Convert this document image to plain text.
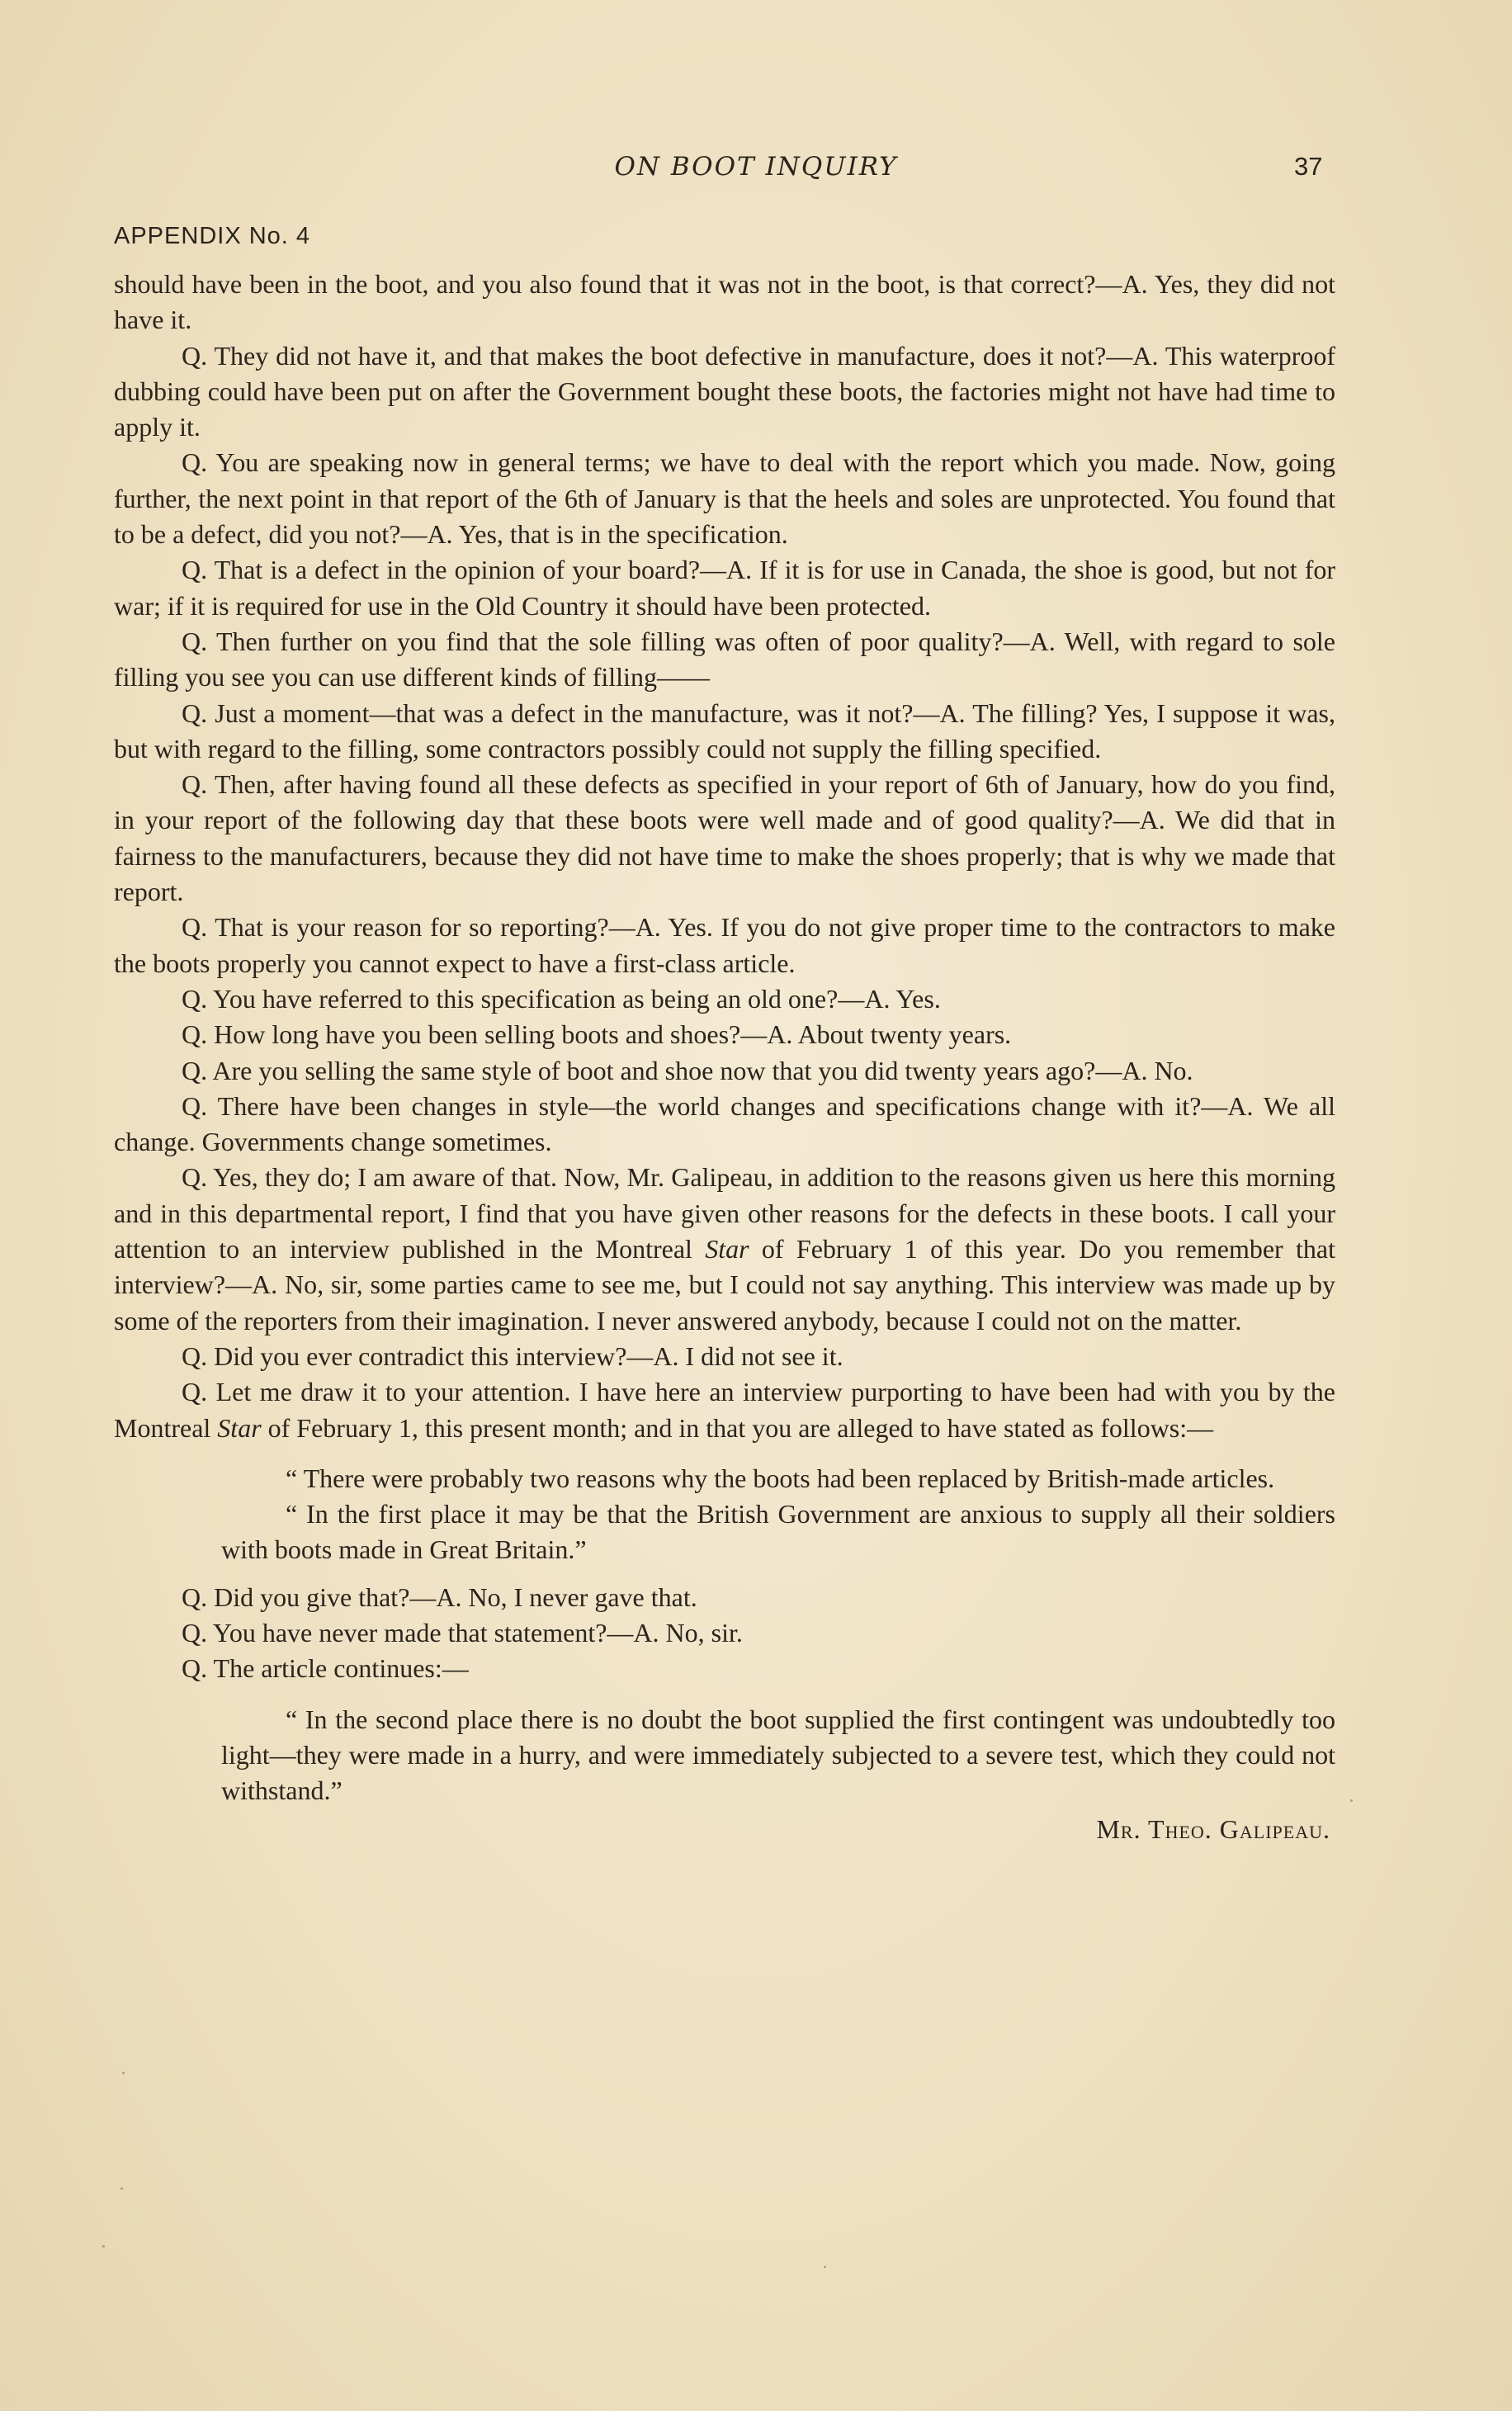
ON BOOT INQUIRY	37
APPENDIX No. 4

should have been in the boot, and you also found that it was not in the boot, is that correct?—A. Yes, they did not have it.

Q. They did not have it, and that makes the boot defective in manufacture, does it not?—A. This waterproof dubbing could have been put on after the Government bought these boots, the factories might not have had time to apply it.

Q. You are speaking now in general terms; we have to deal with the report which you made. Now, going further, the next point in that report of the 6th of January is that the heels and soles are unprotected. You found that to be a defect, did you not?—A. Yes, that is in the specification.

Q. That is a defect in the opinion of your board?—A. If it is for use in Canada, the shoe is good, but not for war; if it is required for use in the Old Country it should have been protected.

Q. Then further on you find that the sole filling was often of poor quality?—A. Well, with regard to sole filling you see you can use different kinds of filling——

Q. Just a moment—that was a defect in the manufacture, was it not?—A. The filling? Yes, I suppose it was, but with regard to the filling, some contractors possibly could not supply the filling specified.

Q. Then, after having found all these defects as specified in your report of 6th of January, how do you find, in your report of the following day that these boots were well made and of good quality?—A. We did that in fairness to the manufacturers, because they did not have time to make the shoes properly; that is why we made that report.

Q. That is your reason for so reporting?—A. Yes. If you do not give proper time to the contractors to make the boots properly you cannot expect to have a first-class article.

Q. You have referred to this specification as being an old one?—A. Yes.

Q. How long have you been selling boots and shoes?—A. About twenty years.

Q. Are you selling the same style of boot and shoe now that you did twenty years ago?—A. No.

Q. There have been changes in style—the world changes and specifications change with it?—A. We all change. Governments change sometimes.

Q. Yes, they do; I am aware of that. Now, Mr. Galipeau, in addition to the reasons given us here this morning and in this departmental report, I find that you have given other reasons for the defects in these boots. I call your attention to an interview published in the Montreal Star of February 1 of this year. Do you remember that interview?—A. No, sir, some parties came to see me, but I could not say anything. This interview was made up by some of the reporters from their imagination. I never answered anybody, because I could not on the matter.

Q. Did you ever contradict this interview?—A. I did not see it.

Q. Let me draw it to your attention. I have here an interview purporting to have been had with you by the Montreal Star of February 1, this present month; and in that you are alleged to have stated as follows:—

“ There were probably two reasons why the boots had been replaced by British-made articles.

“ In the first place it may be that the British Government are anxious to supply all their soldiers with boots made in Great Britain.”

Q. Did you give that?—A. No, I never gave that.

Q. You have never made that statement?—A. No, sir.

Q. The article continues:—

“ In the second place there is no doubt the boot supplied the first contingent was undoubtedly too light—they were made in a hurry, and were immediately subjected to a severe test, which they could not withstand.”

Mr. Theo. Galipeau.
